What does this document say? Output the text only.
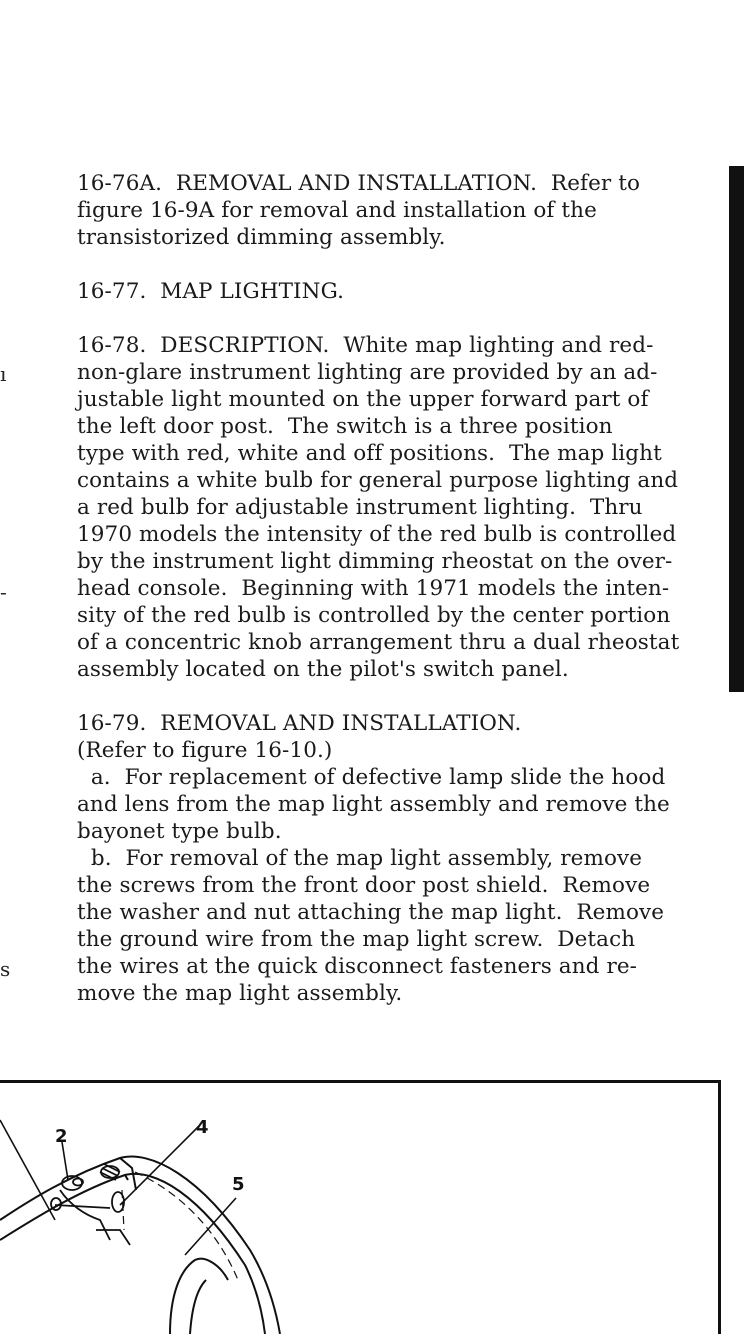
ı
-
s
16-76A.  REMOVAL AND INSTALLATION.  Refer to
figure 16-9A for removal and installation of the
transistorized dimming assembly.

16-77.  MAP LIGHTING.

16-78.  DESCRIPTION.  White map lighting and red-
non-glare instrument lighting are provided by an ad-
justable light mounted on the upper forward part of
the left door post.  The switch is a three position
type with red, white and off positions.  The map light
contains a white bulb for general purpose lighting and
a red bulb for adjustable instrument lighting.  Thru
1970 models the intensity of the red bulb is controlled
by the instrument light dimming rheostat on the over-
head console.  Beginning with 1971 models the inten-
sity of the red bulb is controlled by the center portion
of a concentric knob arrangement thru a dual rheostat
assembly located on the pilot's switch panel.

16-79.  REMOVAL AND INSTALLATION.
(Refer to figure 16-10.)
a.  For replacement of defective lamp slide the hood
and lens from the map light assembly and remove the
bayonet type bulb.
b.  For removal of the map light assembly, remove
the screws from the front door post shield.  Remove
the washer and nut attaching the map light.  Remove
the ground wire from the map light screw.  Detach
the wires at the quick disconnect fasteners and re-
move the map light assembly.
2	4
5
